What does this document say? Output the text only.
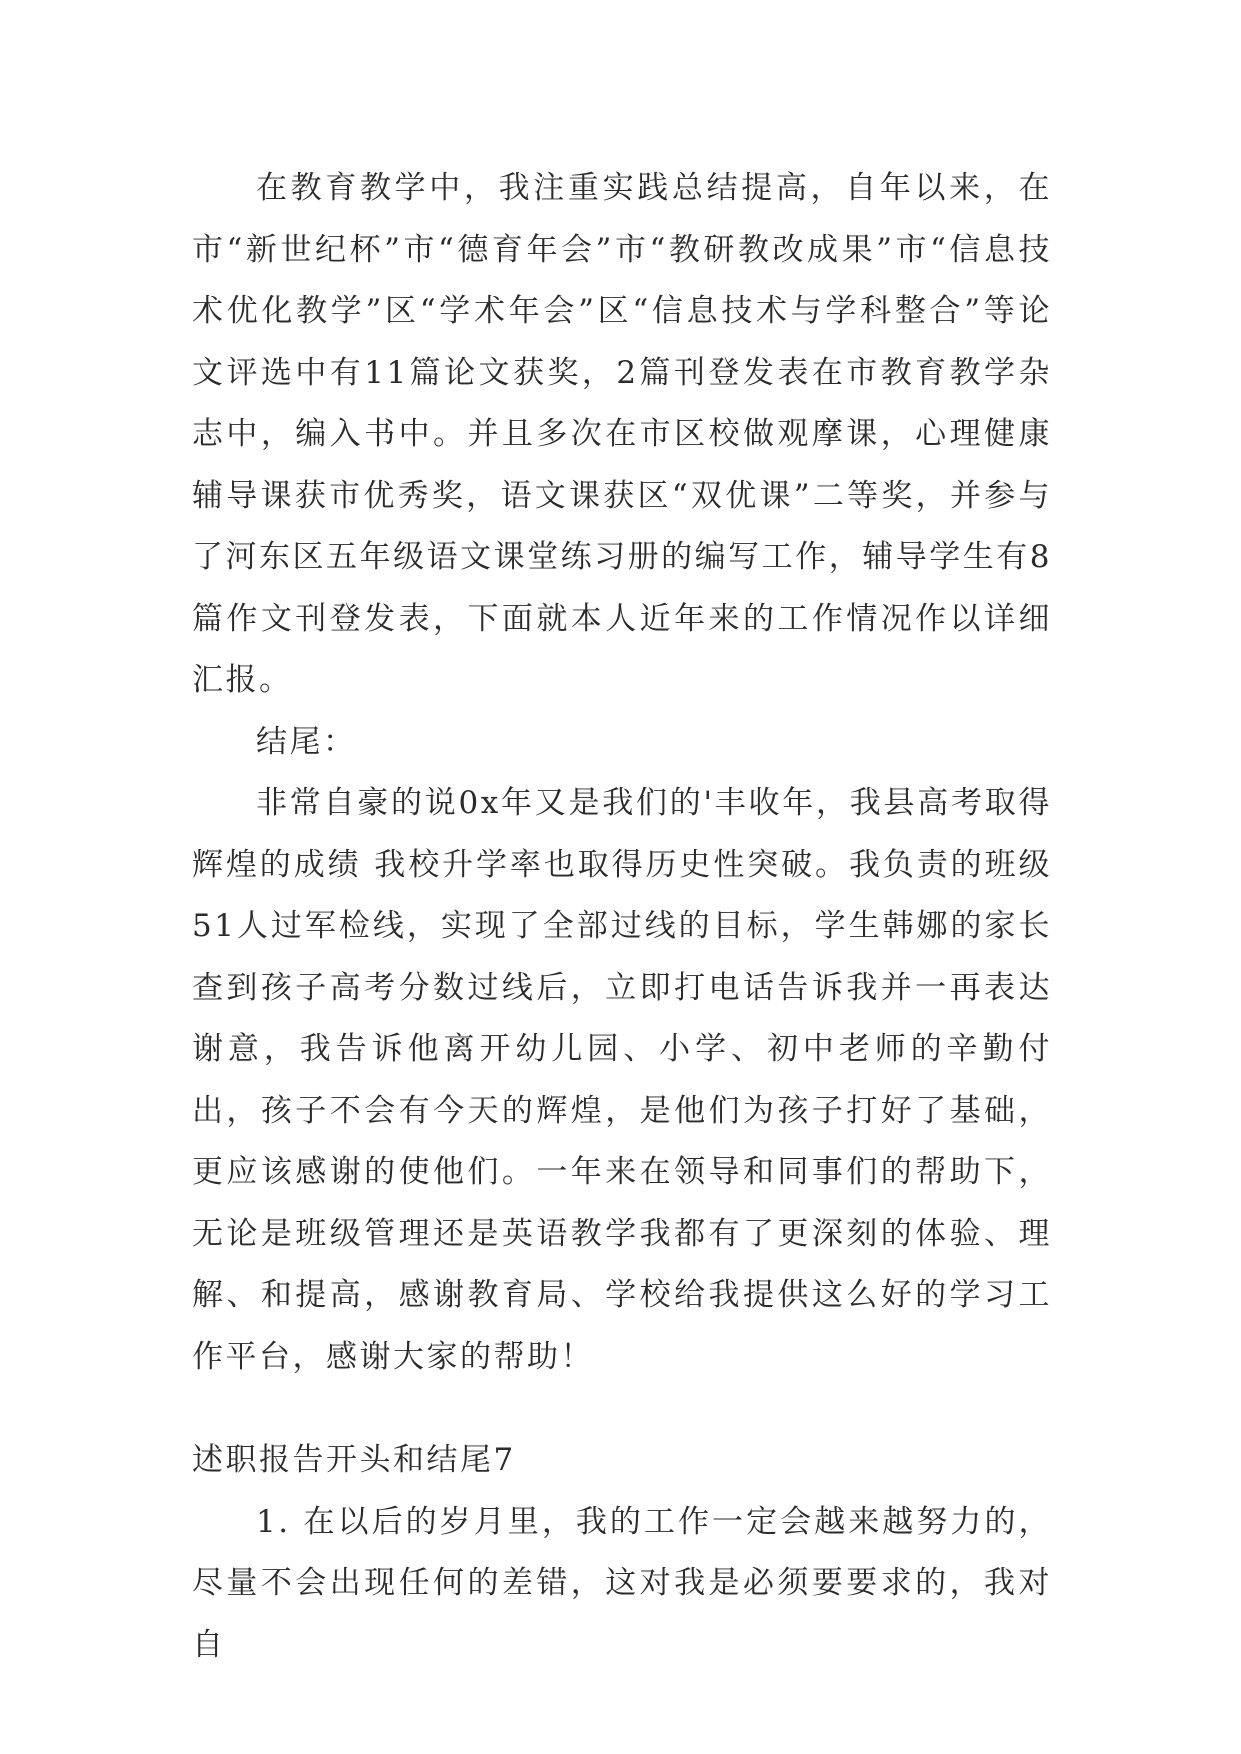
在教育教学中，我注重实践总结提高，自年以来，在市“新世纪杯”市“德育年会”市“教研教改成果”市“信息技术优化教学”区“学术年会”区“信息技术与学科整合”等论文评选中有11篇论文获奖，2篇刊登发表在市教育教学杂志中，编入书中。并且多次在市区校做观摩课，心理健康辅导课获市优秀奖，语文课获区“双优课”二等奖，并参与了河东区五年级语文课堂练习册的编写工作，辅导学生有8篇作文刊登发表，下面就本人近年来的工作情况作以详细汇报。

结尾：

非常自豪的说0x年又是我们的'丰收年，我县高考取得辉煌的成绩 我校升学率也取得历史性突破。我负责的班级51人过军检线，实现了全部过线的目标，学生韩娜的家长查到孩子高考分数过线后，立即打电话告诉我并一再表达谢意，我告诉他离开幼儿园、小学、初中老师的辛勤付出，孩子不会有今天的辉煌，是他们为孩子打好了基础，更应该感谢的使他们。一年来在领导和同事们的帮助下，无论是班级管理还是英语教学我都有了更深刻的体验、理解、和提高，感谢教育局、学校给我提供这么好的学习工作平台，感谢大家的帮助！

述职报告开头和结尾7

1. 在以后的岁月里，我的工作一定会越来越努力的，尽量不会出现任何的差错，这对我是必须要要求的，我对自
